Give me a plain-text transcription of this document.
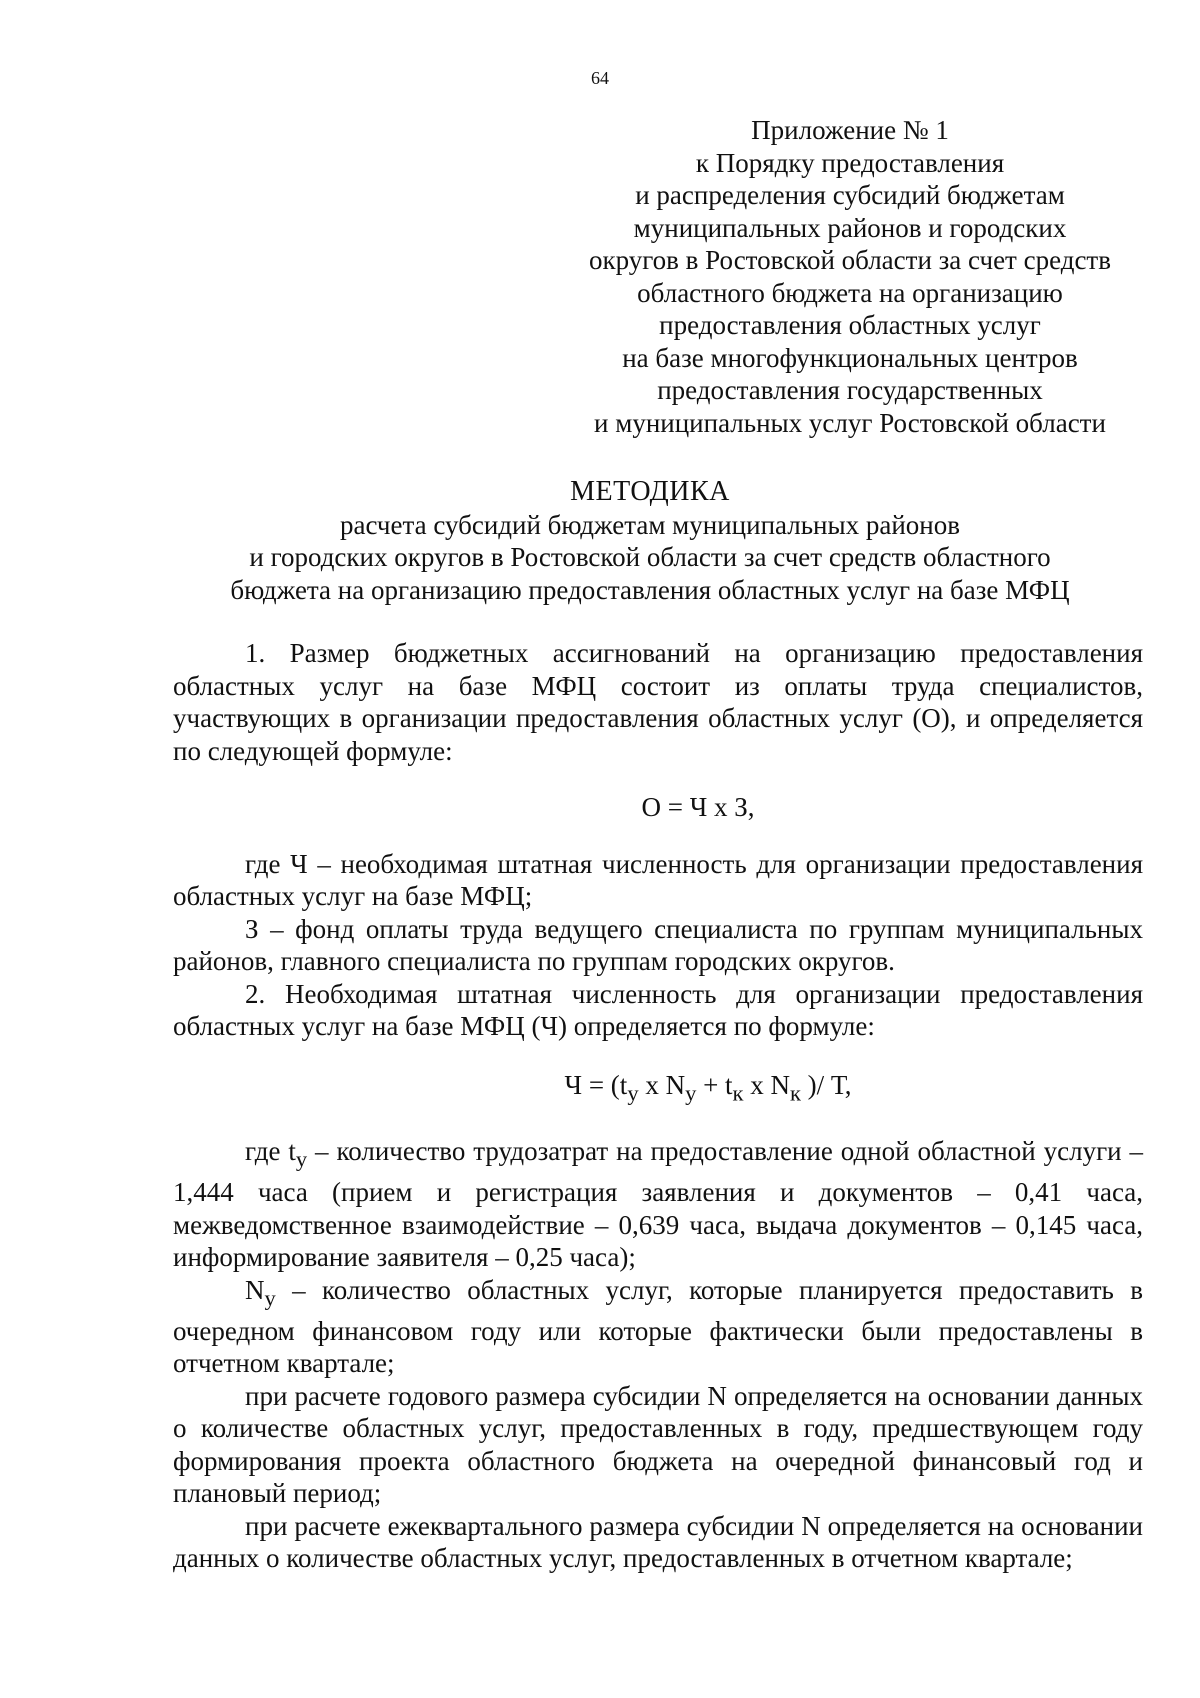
64
Приложение № 1
к Порядку предоставления
и распределения субсидий бюджетам
муниципальных районов и городских
округов в Ростовской области за счет средств
областного бюджета на организацию
предоставления областных услуг
на базе многофункциональных центров
предоставления государственных
и муниципальных услуг Ростовской области
МЕТОДИКА
расчета субсидий бюджетам муниципальных районов
и городских округов в Ростовской области за счет средств областного
бюджета на организацию предоставления областных услуг на базе МФЦ

1. Размер бюджетных ассигнований на организацию предоставления областных услуг на базе МФЦ состоит из оплаты труда специалистов, участвующих в организации предоставления областных услуг (О), и определяется по следующей формуле:

О = Ч х З,

где Ч – необходимая штатная численность для организации предоставления областных услуг на базе МФЦ;

З – фонд оплаты труда ведущего специалиста по группам муниципальных районов, главного специалиста по группам городских округов.

2. Необходимая штатная численность для организации предоставления областных услуг на базе МФЦ (Ч) определяется по формуле:

$Ч = (t_у$ х $N_у + t_к$ х $N_к$ )/ Т,

где $t_у$ – количество трудозатрат на предоставление одной областной услуги – 1,444 часа (прием и регистрация заявления и документов – 0,41 часа, межведомственное взаимодействие – 0,639 часа, выдача документов – 0,145 часа, информирование заявителя – 0,25 часа);

$N_у$ – количество областных услуг, которые планируется предоставить в очередном финансовом году или которые фактически были предоставлены в отчетном квартале;

при расчете годового размера субсидии N определяется на основании данных о количестве областных услуг, предоставленных в году, предшествующем году формирования проекта областного бюджета на очередной финансовый год и плановый период;

при расчете ежеквартального размера субсидии N определяется на основании данных о количестве областных услуг, предоставленных в отчетном квартале;
